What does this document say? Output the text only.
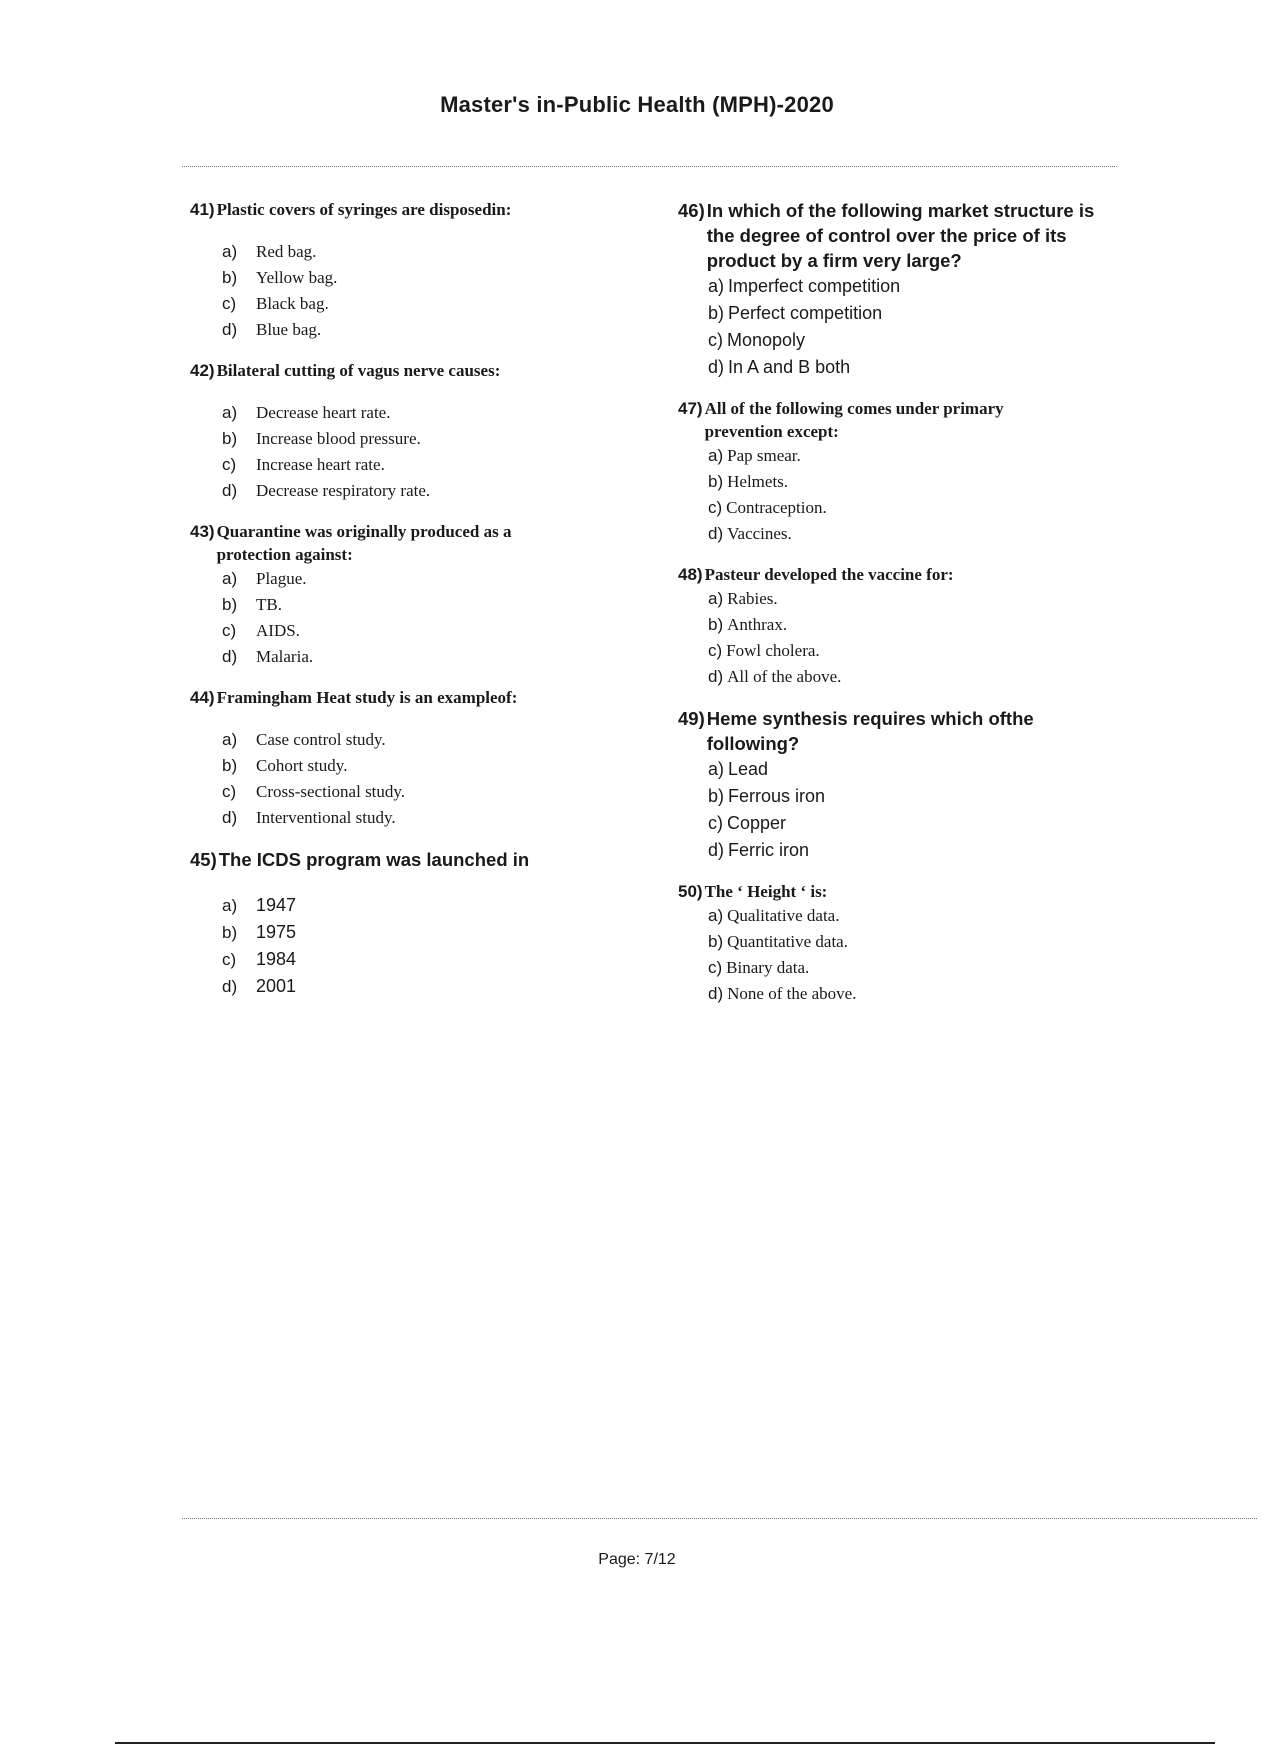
Master's in-Public Health (MPH)-2020
41) Plastic covers of syringes are disposedin:
a)	Red bag.
b)	Yellow bag.
c)	Black bag.
d)	Blue bag.
42) Bilateral cutting of vagus nerve causes:
a)	Decrease heart rate.
b)	Increase blood pressure.
c)	Increase heart rate.
d)	Decrease respiratory rate.
43) Quarantine was originally produced as a protection against:
a)	Plague.
b)	TB.
c)	AIDS.
d)	Malaria.
44) Framingham Heat study is an exampleof:
a)	Case control study.
b)	Cohort study.
c)	Cross-sectional study.
d)	Interventional study.
45) The ICDS program was launched in
a)	1947
b)	1975
c)	1984
d)	2001
46) In which of the following market structure is the degree of control over the price of its product by a firm very large?
a) Imperfect competition
b) Perfect competition
c) Monopoly
d) In A and B both
47) All of the following comes under primary prevention except:
a) Pap smear.
b) Helmets.
c) Contraception.
d) Vaccines.
48) Pasteur developed the vaccine for:
a) Rabies.
b) Anthrax.
c) Fowl cholera.
d) All of the above.
49) Heme synthesis requires which ofthe following?
a) Lead
b) Ferrous iron
c) Copper
d) Ferric iron
50) The ‘ Height ‘ is:
a) Qualitative data.
b) Quantitative data.
c) Binary data.
d) None of the above.
Page: 7/12
